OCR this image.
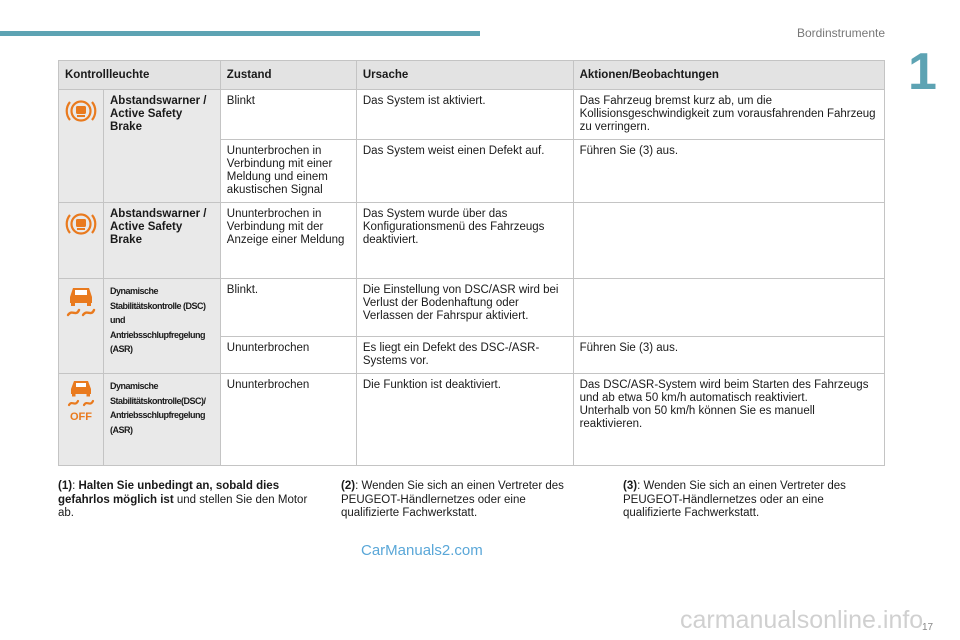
Bordinstrumente
1
Kontrollleuchte		Zustand	Ursache	Aktionen/Beobachtungen
	Abstandswarner / Active Safety Brake	Blinkt	Das System ist aktiviert.	Das Fahrzeug bremst kurz ab, um die Kollisionsgeschwindigkeit zum vorausfahrenden Fahrzeug zu verringern.
		Ununterbrochen in Verbindung mit einer Meldung und einem akustischen Signal	Das System weist einen Defekt auf.	Führen Sie (3) aus.
	Abstandswarner / Active Safety Brake	Ununterbrochen in Verbindung mit der Anzeige einer Meldung	Das System wurde über das Konfigurationsmenü des Fahrzeugs deaktiviert.	
	Dynamische Stabilitätskontrolle (DSC) und Antriebsschlupfregelung (ASR)	Blinkt.	Die Einstellung von DSC/ASR wird bei Verlust der Bodenhaftung oder Verlassen der Fahrspur aktiviert.	
		Ununterbrochen	Es liegt ein Defekt des DSC-/ASR-Systems vor.	Führen Sie (3) aus.

OFF	Dynamische Stabilitätskontrolle(DSC)/ Antriebsschlupfregelung (ASR)	Ununterbrochen	Die Funktion ist deaktiviert.	Das DSC/ASR-System wird beim Starten des Fahrzeugs und ab etwa 50 km/h automatisch reaktiviert.
Unterhalb von 50 km/h können Sie es manuell reaktivieren.
(1): Halten Sie unbedingt an, sobald dies gefahrlos möglich ist und stellen Sie den Motor ab.
(2): Wenden Sie sich an einen Vertreter des PEUGEOT-Händlernetzes oder eine qualifizierte Fachwerkstatt.
(3): Wenden Sie sich an einen Vertreter des PEUGEOT-Händlernetzes oder an eine qualifizierte Fachwerkstatt.
CarManuals2.com
carmanualsonline.info
17
